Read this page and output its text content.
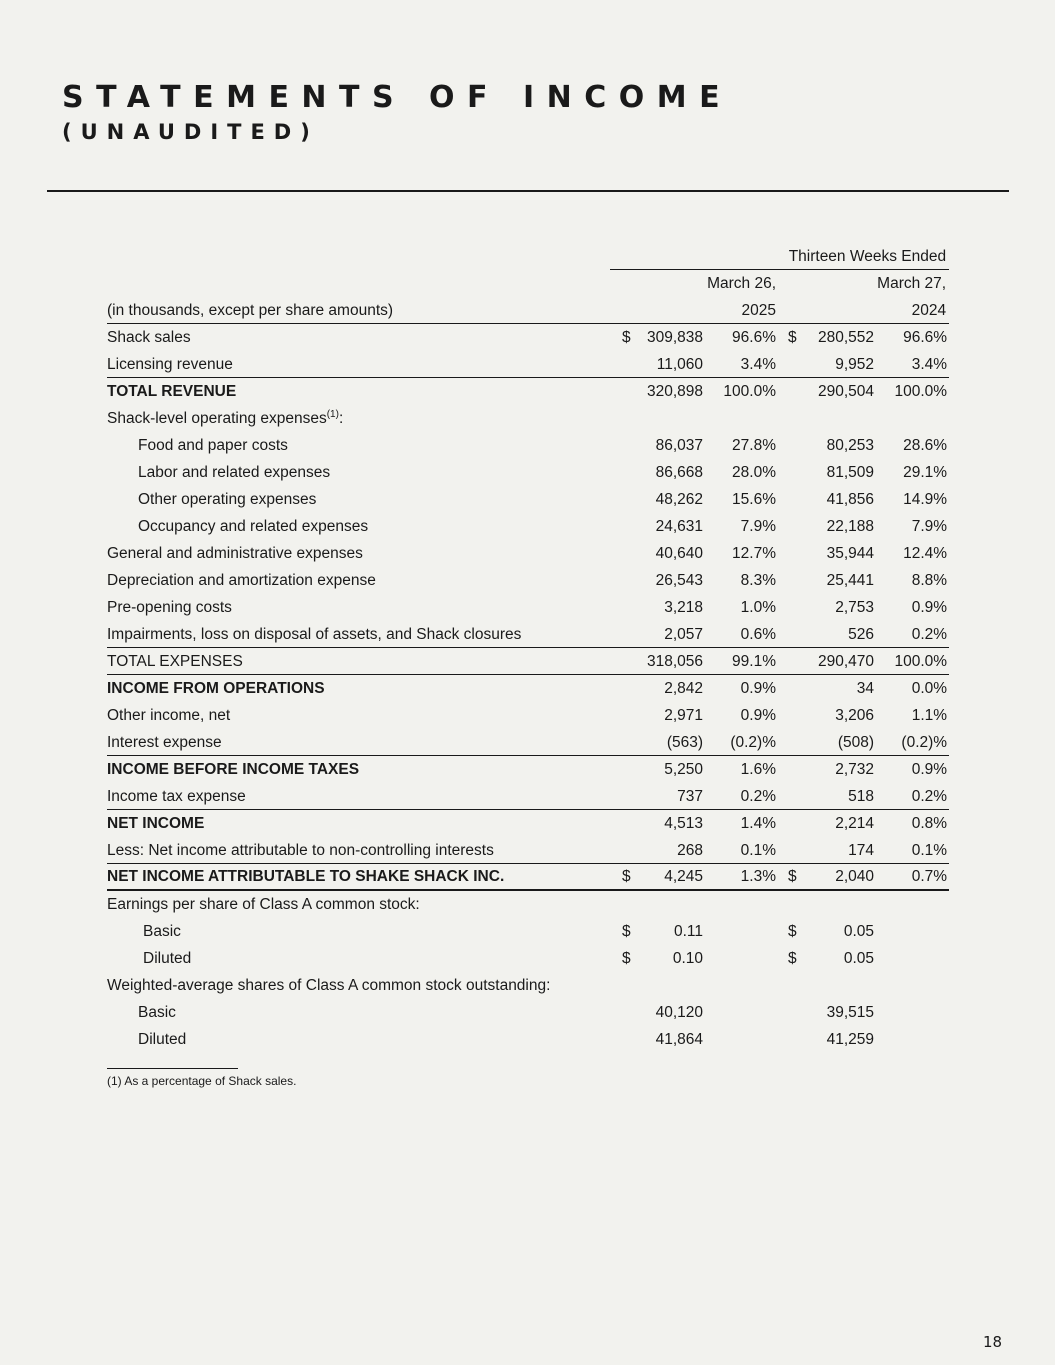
STATEMENTS OF INCOME
(UNAUDITED)
	Thirteen Weeks Ended					
	March 26,			March 27,		
(in thousands, except per share amounts)	2025			2024		
Shack sales	$	309,838	96.6%	$	280,552	96.6%
Licensing revenue		11,060	3.4%		9,952	3.4%
TOTAL REVENUE		320,898	100.0%		290,504	100.0%
Shack-level operating expenses$^{(1)}$:						
Food and paper costs		86,037	27.8%		80,253	28.6%
Labor and related expenses		86,668	28.0%		81,509	29.1%
Other operating expenses		48,262	15.6%		41,856	14.9%
Occupancy and related expenses		24,631	7.9%		22,188	7.9%
General and administrative expenses		40,640	12.7%		35,944	12.4%
Depreciation and amortization expense		26,543	8.3%		25,441	8.8%
Pre-opening costs		3,218	1.0%		2,753	0.9%
Impairments, loss on disposal of assets, and Shack closures		2,057	0.6%		526	0.2%
TOTAL EXPENSES		318,056	99.1%		290,470	100.0%
INCOME FROM OPERATIONS		2,842	0.9%		34	0.0%
Other income, net		2,971	0.9%		3,206	1.1%
Interest expense		(563)	(0.2)%		(508)	(0.2)%
INCOME BEFORE INCOME TAXES		5,250	1.6%		2,732	0.9%
Income tax expense		737	0.2%		518	0.2%
NET INCOME		4,513	1.4%		2,214	0.8%
Less: Net income attributable to non-controlling interests		268	0.1%		174	0.1%
NET INCOME ATTRIBUTABLE TO SHAKE SHACK INC.	$	4,245	1.3%	$	2,040	0.7%
Earnings per share of Class A common stock:						
Basic	$	0.11		$	0.05	
Diluted	$	0.10		$	0.05	
Weighted-average shares of Class A common stock outstanding:						
Basic		40,120			39,515	
Diluted		41,864			41,259	
(1) As a percentage of Shack sales.
18
